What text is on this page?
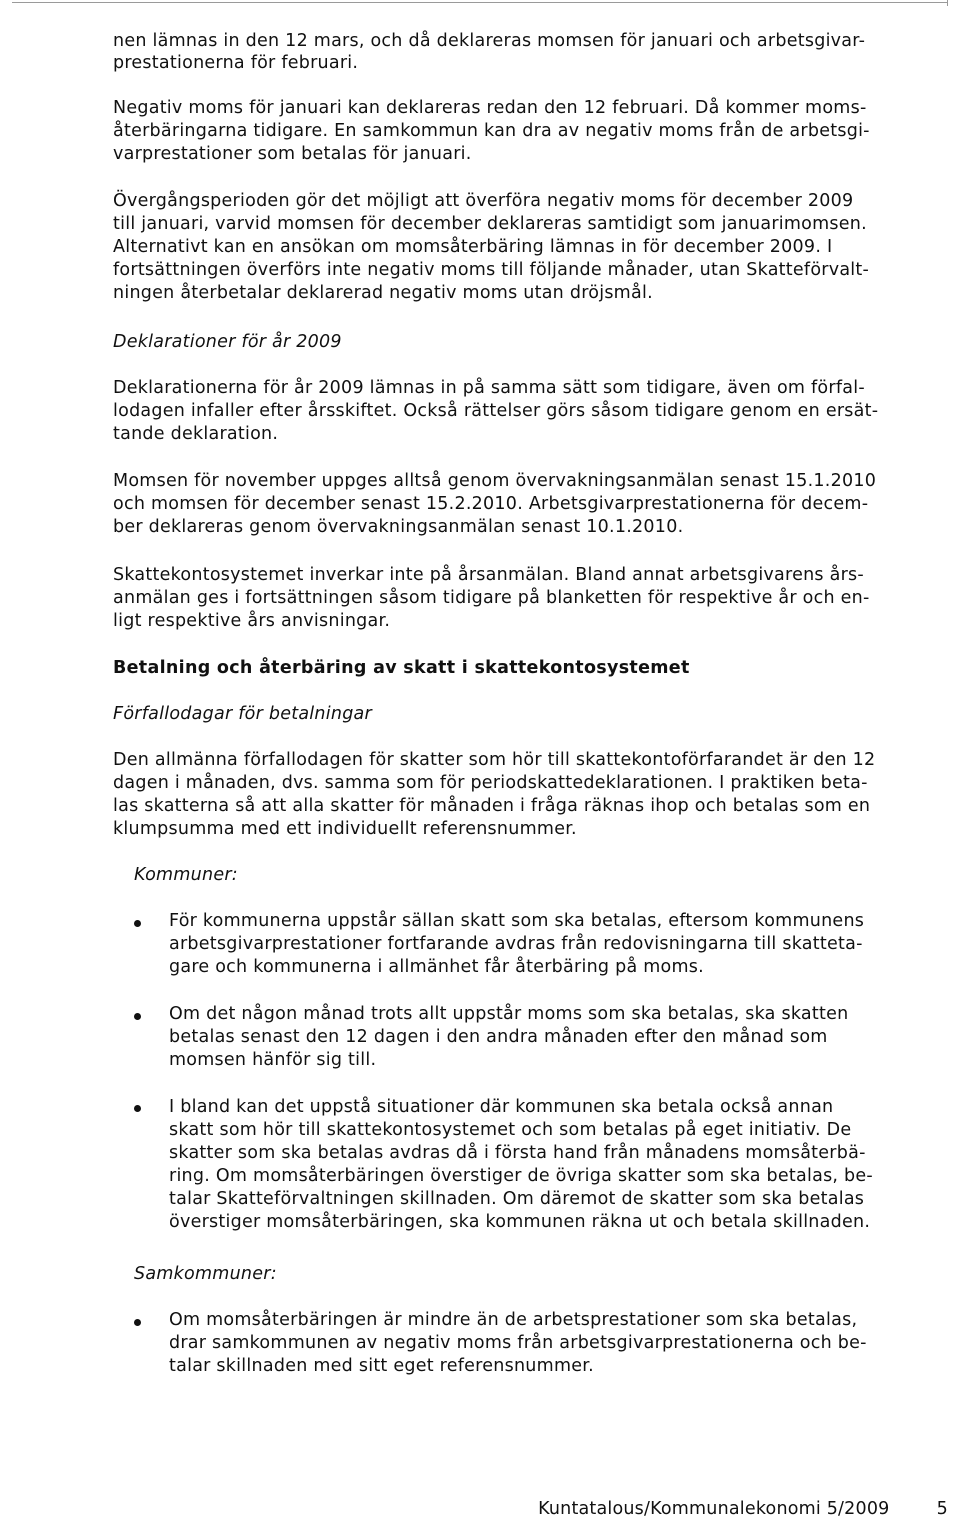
nen lämnas in den 12 mars, och då deklareras momsen för januari och arbetsgivar-
prestationerna för februari.
Negativ moms för januari kan deklareras redan den 12 februari. Då kommer moms-
återbäringarna tidigare. En samkommun kan dra av negativ moms från de arbetsgi-
varprestationer som betalas för januari.
Övergångsperioden gör det möjligt att överföra negativ moms för december 2009
till januari, varvid momsen för december deklareras samtidigt som januarimomsen.
Alternativt kan en ansökan om momsåterbäring lämnas in för december 2009. I
fortsättningen överförs inte negativ moms till följande månader, utan Skatteförvalt-
ningen återbetalar deklarerad negativ moms utan dröjsmål.
Deklarationer för år 2009
Deklarationerna för år 2009 lämnas in på samma sätt som tidigare, även om förfal-
lodagen infaller efter årsskiftet. Också rättelser görs såsom tidigare genom en ersät-
tande deklaration.
Momsen för november uppges alltså genom övervakningsanmälan senast 15.1.2010
och momsen för december senast 15.2.2010. Arbetsgivarprestationerna för decem-
ber deklareras genom övervakningsanmälan senast 10.1.2010.
Skattekontosystemet inverkar inte på årsanmälan. Bland annat arbetsgivarens års-
anmälan ges i fortsättningen såsom tidigare på blanketten för respektive år och en-
ligt respektive års anvisningar.
Betalning och återbäring av skatt i skattekontosystemet
Förfallodagar för betalningar
Den allmänna förfallodagen för skatter som hör till skattekontoförfarandet är den 12
dagen i månaden, dvs. samma som för periodskattedeklarationen. I praktiken beta-
las skatterna så att alla skatter för månaden i fråga räknas ihop och betalas som en
klumpsumma med ett individuellt referensnummer.
Kommuner:
För kommunerna uppstår sällan skatt som ska betalas, eftersom kommunens
arbetsgivarprestationer fortfarande avdras från redovisningarna till skatteta-
gare och kommunerna i allmänhet får återbäring på moms.
Om det någon månad trots allt uppstår moms som ska betalas, ska skatten
betalas senast den 12 dagen i den andra månaden efter den månad som
momsen hänför sig till.
I bland kan det uppstå situationer där kommunen ska betala också annan
skatt som hör till skattekontosystemet och som betalas på eget initiativ. De
skatter som ska betalas avdras då i första hand från månadens momsåterbä-
ring. Om momsåterbäringen överstiger de övriga skatter som ska betalas, be-
talar Skatteförvaltningen skillnaden. Om däremot de skatter som ska betalas
överstiger momsåterbäringen, ska kommunen räkna ut och betala skillnaden.
Samkommuner:
Om momsåterbäringen är mindre än de arbetsprestationer som ska betalas,
drar samkommunen av negativ moms från arbetsgivarprestationerna och be-
talar skillnaden med sitt eget referensnummer.
Kuntatalous/Kommunalekonomi 5/2009	5
